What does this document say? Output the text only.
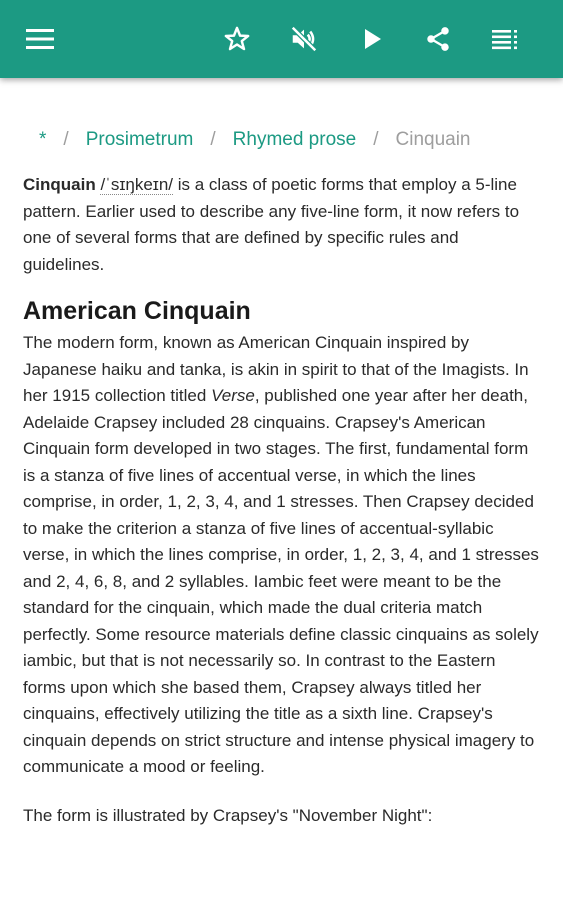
* / Prosimetrum / Rhymed prose / Cinquain

Cinquain /ˈsɪŋkeɪn/ is a class of poetic forms that employ a 5-line pattern. Earlier used to describe any five-line form, it now refers to one of several forms that are defined by specific rules and guidelines.

American Cinquain

The modern form, known as American Cinquain inspired by Japanese haiku and tanka, is akin in spirit to that of the Imagists. In her 1915 collection titled Verse, published one year after her death, Adelaide Crapsey included 28 cinquains. Crapsey's American Cinquain form developed in two stages. The first, fundamental form is a stanza of five lines of accentual verse, in which the lines comprise, in order, 1, 2, 3, 4, and 1 stresses. Then Crapsey decided to make the criterion a stanza of five lines of accentual-syllabic verse, in which the lines comprise, in order, 1, 2, 3, 4, and 1 stresses and 2, 4, 6, 8, and 2 syllables. Iambic feet were meant to be the standard for the cinquain, which made the dual criteria match perfectly. Some resource materials define classic cinquains as solely iambic, but that is not necessarily so. In contrast to the Eastern forms upon which she based them, Crapsey always titled her cinquains, effectively utilizing the title as a sixth line. Crapsey's cinquain depends on strict structure and intense physical imagery to communicate a mood or feeling.

The form is illustrated by Crapsey's "November Night":
